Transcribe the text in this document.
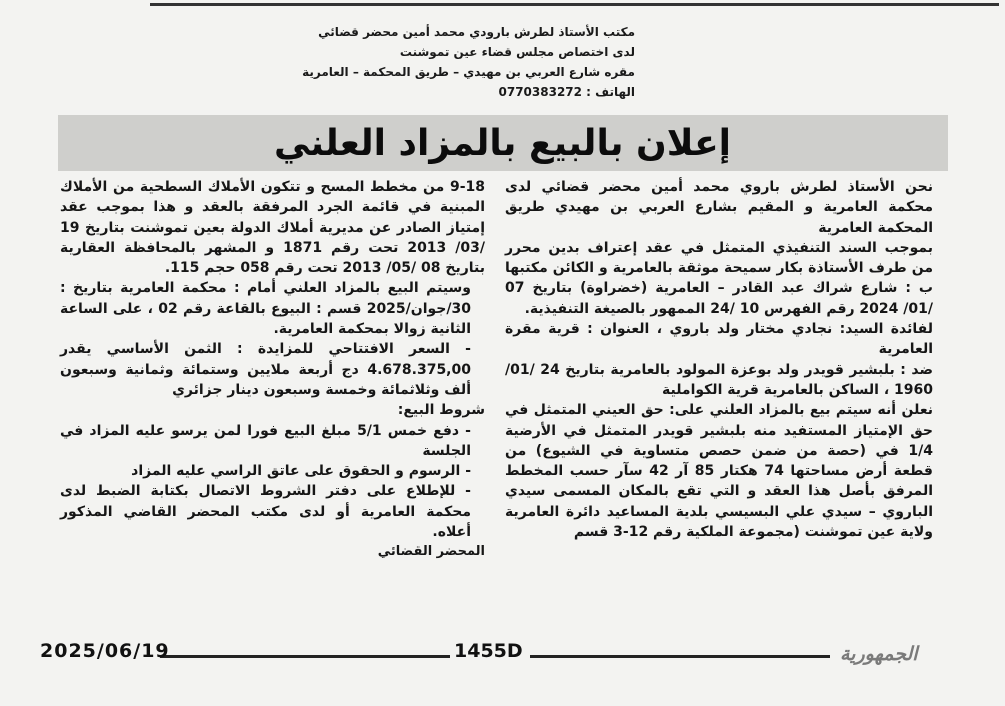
مكتب الأستاذ لطرش بارودي محمد أمين محضر قضائي
لدى اختصاص مجلس قضاء عين تموشنت
مقره شارع العربي بن مهيدي – طريق المحكمة – العامرية
الهاتف : 0770383272
إعلان بالبيع بالمزاد العلني

نحن الأستاذ لطرش باروي محمد أمين محضر قضائي لدى محكمة العامرية و المقيم بشارع العربي بن مهيدي طريق المحكمة العامرية

بموجب السند التنفيذي المتمثل في عقد إعتراف بدين محرر من طرف الأستاذة بكار سميحة موثقة بالعامرية و الكائن مكتبها ب : شارع شراك عبد القادر – العامرية (خضراوة) بتاريخ 07 /01/ 2024 رقم الفهرس 10 /24 الممهور بالصيغة التنفيذية.

لفائدة السيد: نجادي مختار ولد باروي ، العنوان : قرية مقرة العامرية

ضد : بلبشير قويدر ولد بوعزة المولود بالعامرية بتاريخ 24 /01/ 1960 ، الساكن بالعامرية قرية الكواملية

نعلن أنه سيتم بيع بالمزاد العلني على: حق العيني المتمثل في حق الإمتياز المستفيد منه بلبشير قويدر المتمثل في الأرضية 1/4 في (حصة من ضمن حصص متساوية في الشيوع) من قطعة أرض مساحتها 74 هكتار 85 آر 42 سآر حسب المخطط المرفق بأصل هذا العقد و التي تقع بالمكان المسمى سيدي الباروي – سيدي علي البسيسي بلدية المساعيد دائرة العامرية ولاية عين تموشنت (مجموعة الملكية رقم 12-3 قسم

9-18 من مخطط المسح و تتكون الأملاك السطحية من الأملاك المبنية في قائمة الجرد المرفقة بالعقد و هذا بموجب عقد إمتياز الصادر عن مديرية أملاك الدولة بعين تموشنت بتاريخ 19 /03/ 2013 تحت رقم 1871 و المشهر بالمحافظة العقارية بتاريخ 08 /05/ 2013 تحت رقم 058 حجم 115.

وسيتم البيع بالمزاد العلني أمام : محكمة العامرية بتاريخ : 30/جوان/2025 قسم : البيوع بالقاعة رقم 02 ، على الساعة الثانية زوالا بمحكمة العامرية.

- السعر الافتتاحي للمزايدة : الثمن الأساسي يقدر 4.678.375,00 دج أربعة ملايين وستمائة وثمانية وسبعون ألف وثلاثمائة وخمسة وسبعون دينار جزائري

شروط البيع:

- دفع خمس 5/1 مبلغ البيع فورا لمن يرسو عليه المزاد في الجلسة

- الرسوم و الحقوق على عاتق الراسي عليه المزاد

- للإطلاع على دفتر الشروط الاتصال بكتابة الضبط لدى محكمة العامرية أو لدى مكتب المحضر القاضي المذكور أعلاه.

المحضر القضائي

2025/06/19	1455D	الجمهورية
